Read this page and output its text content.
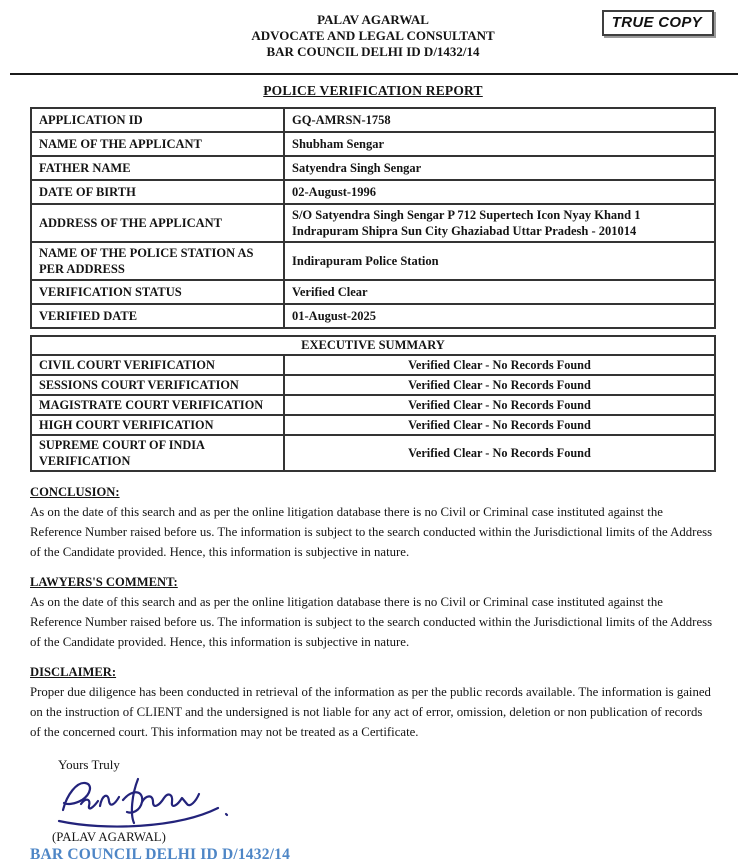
TRUE COPY
PALAV AGARWAL
ADVOCATE AND LEGAL CONSULTANT
BAR COUNCIL DELHI ID D/1432/14
POLICE VERIFICATION REPORT
APPLICATION ID	GQ-AMRSN-1758
NAME OF THE APPLICANT	Shubham Sengar
FATHER NAME	Satyendra Singh Sengar
DATE OF BIRTH	02-August-1996
ADDRESS OF THE APPLICANT	S/O Satyendra Singh Sengar P 712 Supertech Icon Nyay Khand 1 Indrapuram Shipra Sun City Ghaziabad Uttar Pradesh - 201014
NAME OF THE POLICE STATION AS PER ADDRESS	Indirapuram Police Station
VERIFICATION STATUS	Verified Clear
VERIFIED DATE	01-August-2025
EXECUTIVE SUMMARY	
CIVIL COURT VERIFICATION	Verified Clear - No Records Found
SESSIONS COURT VERIFICATION	Verified Clear - No Records Found
MAGISTRATE COURT VERIFICATION	Verified Clear - No Records Found
HIGH COURT VERIFICATION	Verified Clear - No Records Found
SUPREME COURT OF INDIA VERIFICATION	Verified Clear - No Records Found
CONCLUSION:

As on the date of this search and as per the online litigation database there is no Civil or Criminal case instituted against the Reference Number raised before us. The information is subject to the search conducted within the Jurisdictional limits of the Address of the Candidate provided. Hence, this information is subjective in nature.

LAWYERS'S COMMENT:

As on the date of this search and as per the online litigation database there is no Civil or Criminal case instituted against the Reference Number raised before us. The information is subject to the search conducted within the Jurisdictional limits of the Address of the Candidate provided. Hence, this information is subjective in nature.

DISCLAIMER:

Proper due diligence has been conducted in retrieval of the information as per the public records available. The information is gained on the instruction of CLIENT and the undersigned is not liable for any act of error, omission, deletion or non publication of records of the concerned court. This information may not be treated as a Certificate.

Yours Truly
(PALAV AGARWAL)
BAR COUNCIL DELHI ID D/1432/14
